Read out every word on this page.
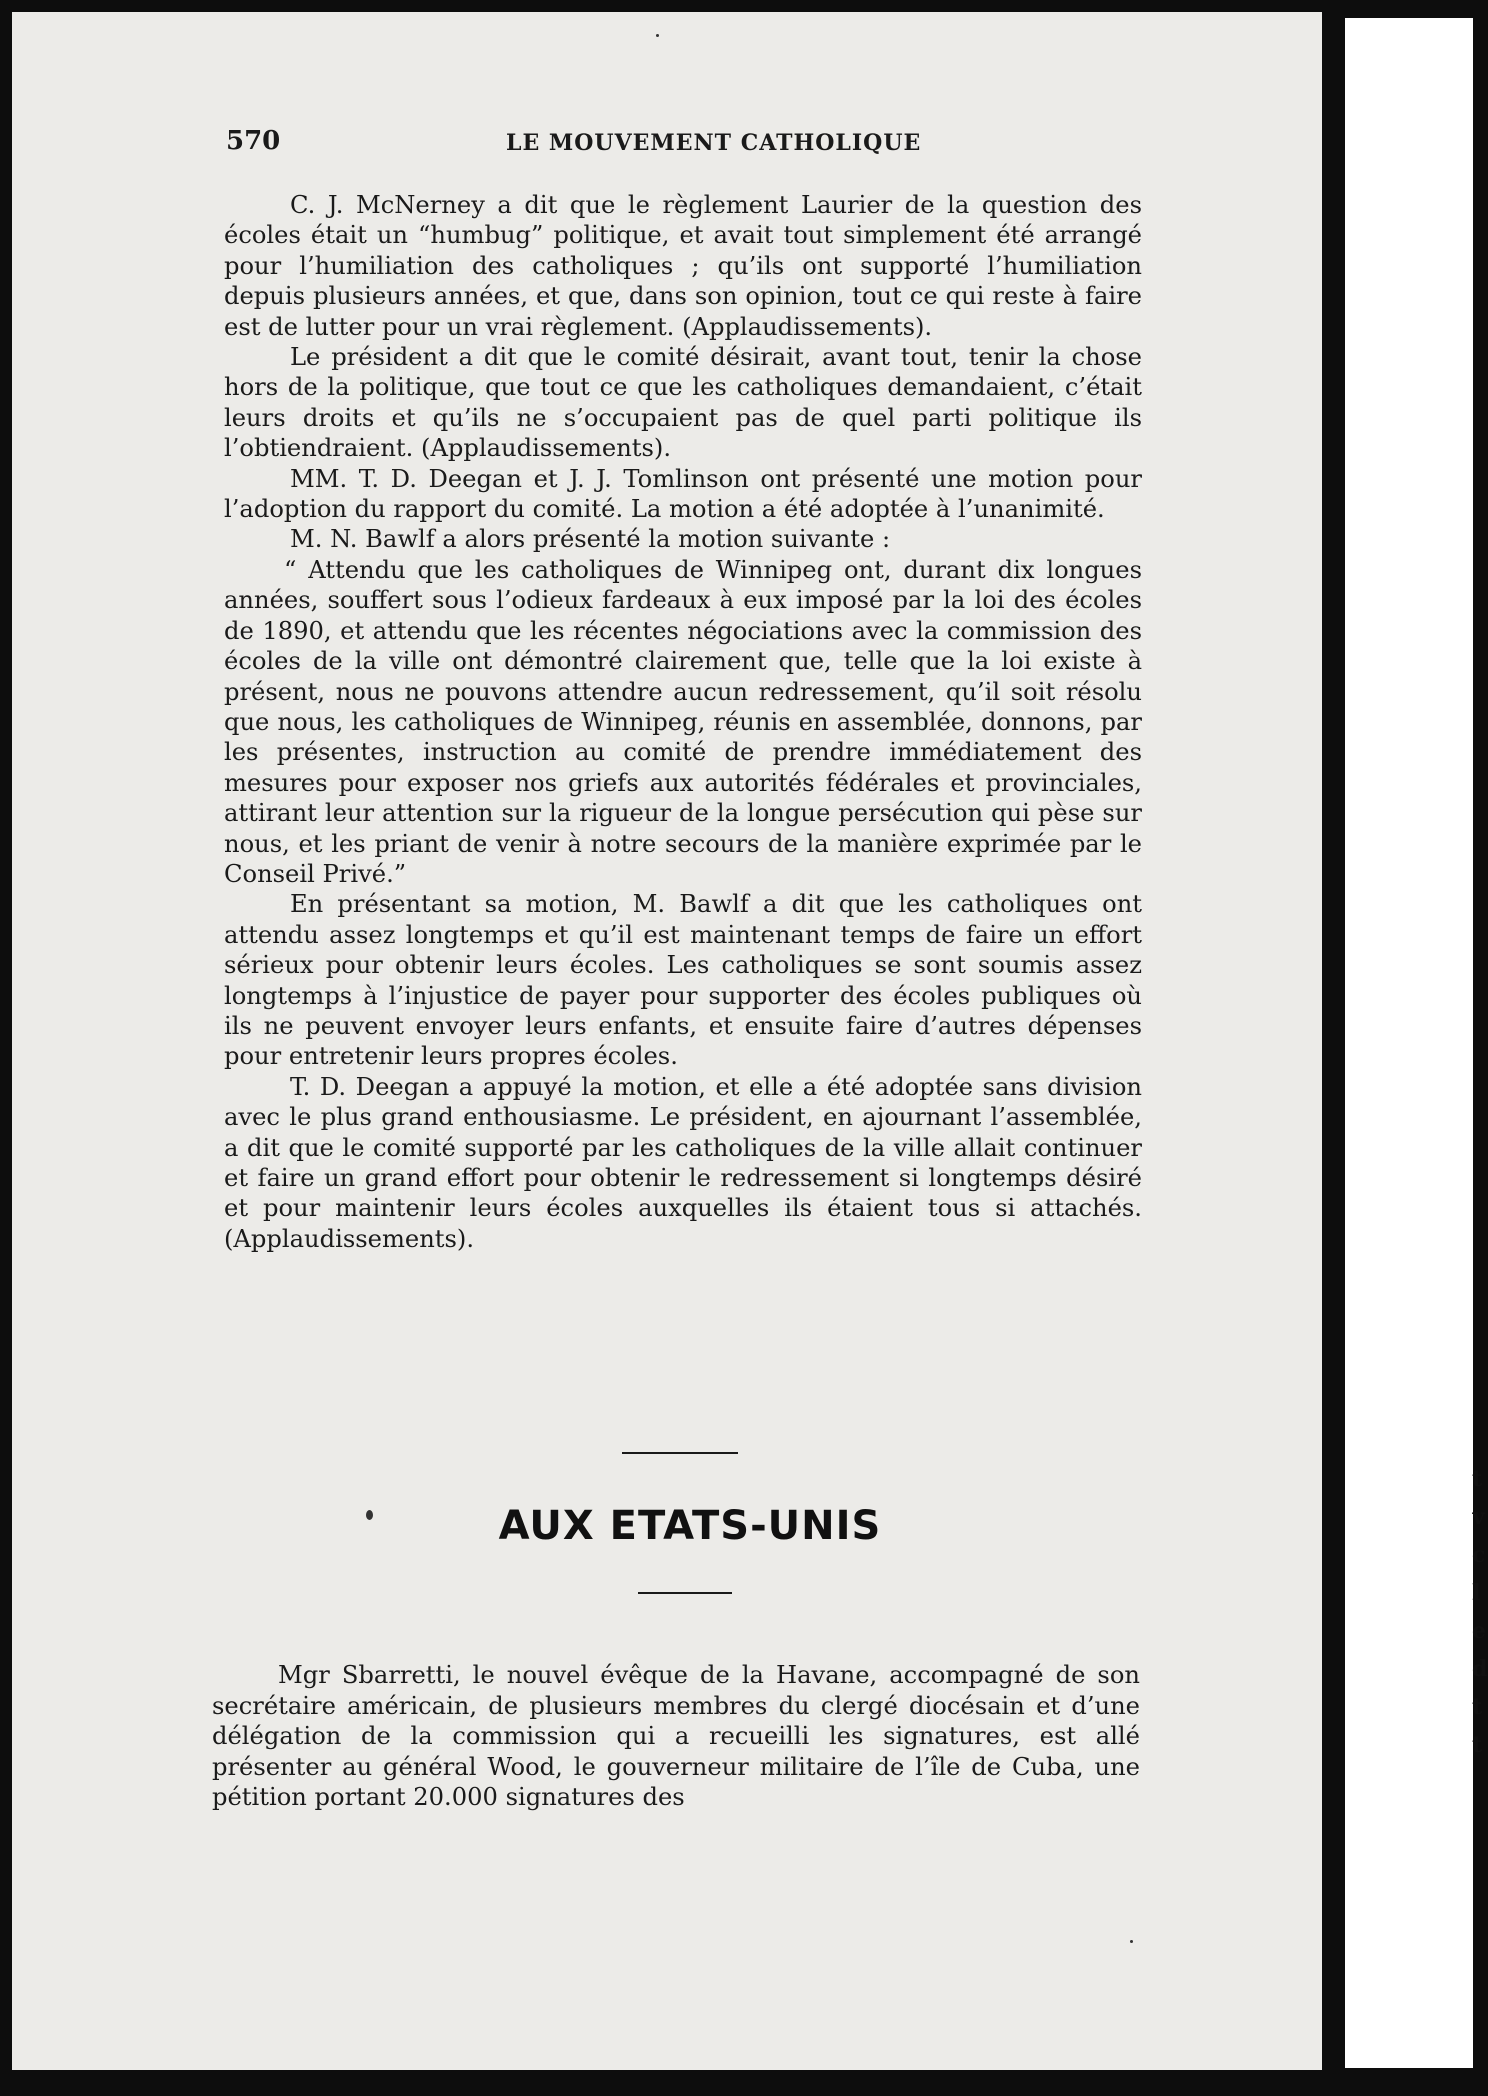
t
v
c
l
e
d
t
t
570	LE MOUVEMENT CATHOLIQUE

C. J. McNerney a dit que le règlement Laurier de la question des écoles était un “humbug” politique, et avait tout simplement été arrangé pour l’humiliation des catholiques ; qu’ils ont supporté l’humiliation depuis plusieurs années, et que, dans son opinion, tout ce qui reste à faire est de lutter pour un vrai règlement. (Applaudissements).

Le président a dit que le comité désirait, avant tout, tenir la chose hors de la politique, que tout ce que les catholiques demandaient, c’était leurs droits et qu’ils ne s’occupaient pas de quel parti politique ils l’obtiendraient. (Applaudissements).

MM. T. D. Deegan et J. J. Tomlinson ont présenté une motion pour l’adoption du rapport du comité. La motion a été adoptée à l’unanimité.

M. N. Bawlf a alors présenté la motion suivante :

“ Attendu que les catholiques de Winnipeg ont, durant dix longues années, souffert sous l’odieux fardeaux à eux imposé par la loi des écoles de 1890, et attendu que les récentes négociations avec la commission des écoles de la ville ont démontré clairement que, telle que la loi existe à présent, nous ne pouvons attendre aucun redressement, qu’il soit résolu que nous, les catholiques de Winnipeg, réunis en assemblée, donnons, par les présentes, instruction au comité de prendre immédiatement des mesures pour exposer nos griefs aux autorités fédérales et provinciales, attirant leur attention sur la rigueur de la longue persécution qui pèse sur nous, et les priant de venir à notre secours de la manière exprimée par le Conseil Privé.”

En présentant sa motion, M. Bawlf a dit que les catholiques ont attendu assez longtemps et qu’il est maintenant temps de faire un effort sérieux pour obtenir leurs écoles. Les catholiques se sont soumis assez longtemps à l’injustice de payer pour supporter des écoles publiques où ils ne peuvent envoyer leurs enfants, et ensuite faire d’autres dépenses pour entretenir leurs propres écoles.

T. D. Deegan a appuyé la motion, et elle a été adoptée sans division avec le plus grand enthousiasme. Le président, en ajournant l’assemblée, a dit que le comité supporté par les catholiques de la ville allait continuer et faire un grand effort pour obtenir le redressement si longtemps désiré et pour maintenir leurs écoles auxquelles ils étaient tous si attachés. (Applaudissements).

AUX ETATS-UNIS

Mgr Sbarretti, le nouvel évêque de la Havane, accompagné de son secrétaire américain, de plusieurs membres du clergé diocésain et d’une délégation de la commission qui a recueilli les signatures, est allé présenter au général Wood, le gouverneur militaire de l’île de Cuba, une pétition portant 20.000 signatures des
